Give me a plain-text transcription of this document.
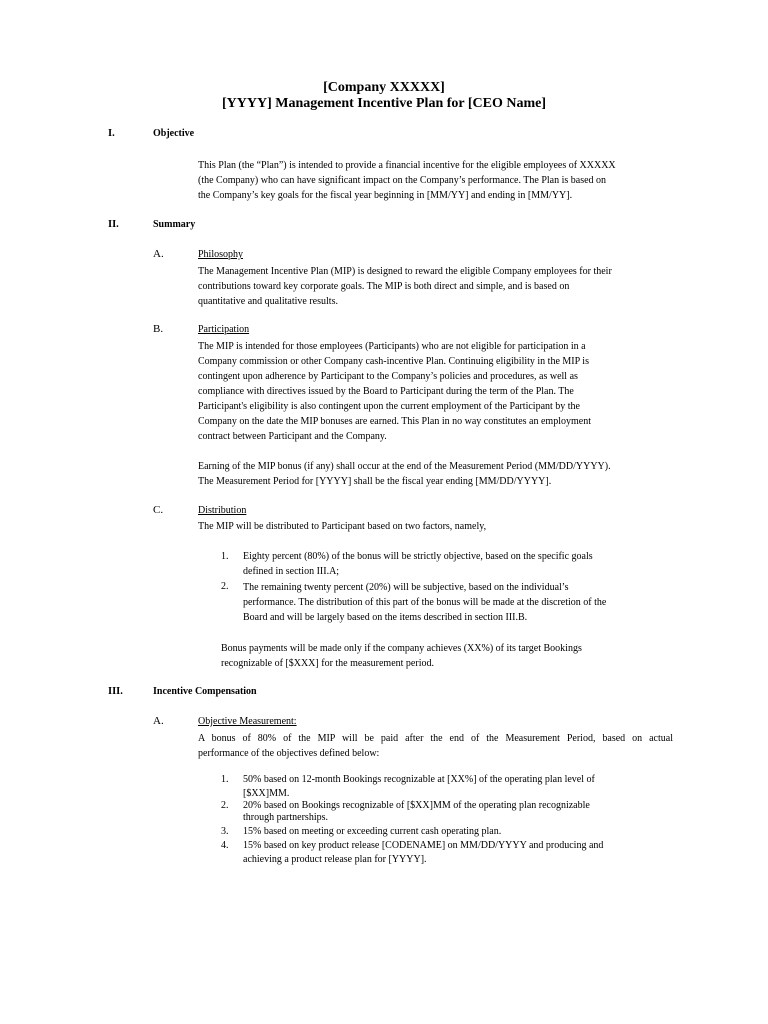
[Company XXXXX]
[YYYY] Management Incentive Plan for [CEO Name]
I.	Objective
This Plan (the “Plan”) is intended to provide a financial incentive for the eligible employees of XXXXX
(the Company) who can have significant impact on the Company’s performance. The Plan is based on
the Company’s key goals for the fiscal year beginning in [MM/YY] and ending in [MM/YY].
II.	Summary
A.	Philosophy
The Management Incentive Plan (MIP) is designed to reward the eligible Company employees for their
contributions toward key corporate goals. The MIP is both direct and simple, and is based on
quantitative and qualitative results.
B.	Participation
The MIP is intended for those employees (Participants) who are not eligible for participation in a
Company commission or other Company cash-incentive Plan. Continuing eligibility in the MIP is
contingent upon adherence by Participant to the Company’s policies and procedures, as well as
compliance with directives issued by the Board to Participant during the term of the Plan. The
Participant's eligibility is also contingent upon the current employment of the Participant by the
Company on the date the MIP bonuses are earned. This Plan in no way constitutes an employment
contract between Participant and the Company.
Earning of the MIP bonus (if any) shall occur at the end of the Measurement Period (MM/DD/YYYY).
The Measurement Period for [YYYY] shall be the fiscal year ending [MM/DD/YYYY].
C.	Distribution
The MIP will be distributed to Participant based on two factors, namely,
1. Eighty percent (80%) of the bonus will be strictly objective, based on the specific goals
defined in section III.A;
2. The remaining twenty percent (20%) will be subjective, based on the individual’s
performance. The distribution of this part of the bonus will be made at the discretion of the
Board and will be largely based on the items described in section III.B.
Bonus payments will be made only if the company achieves (XX%) of its target Bookings
recognizable of [$XXX] for the measurement period.
III.	Incentive Compensation
A.	Objective Measurement:
A bonus of 80% of the MIP will be paid after the end of the Measurement Period, based on actual
performance of the objectives defined below:
1. 50% based on 12-month Bookings recognizable at [XX%] of the operating plan level of
[$XX]MM.
2. 20% based on Bookings recognizable of [$XX]MM of the operating plan recognizable
through partnerships.
3. 15% based on meeting or exceeding current cash operating plan.
4. 15% based on key product release [CODENAME] on MM/DD/YYYY and producing and
achieving a product release plan for [YYYY].
